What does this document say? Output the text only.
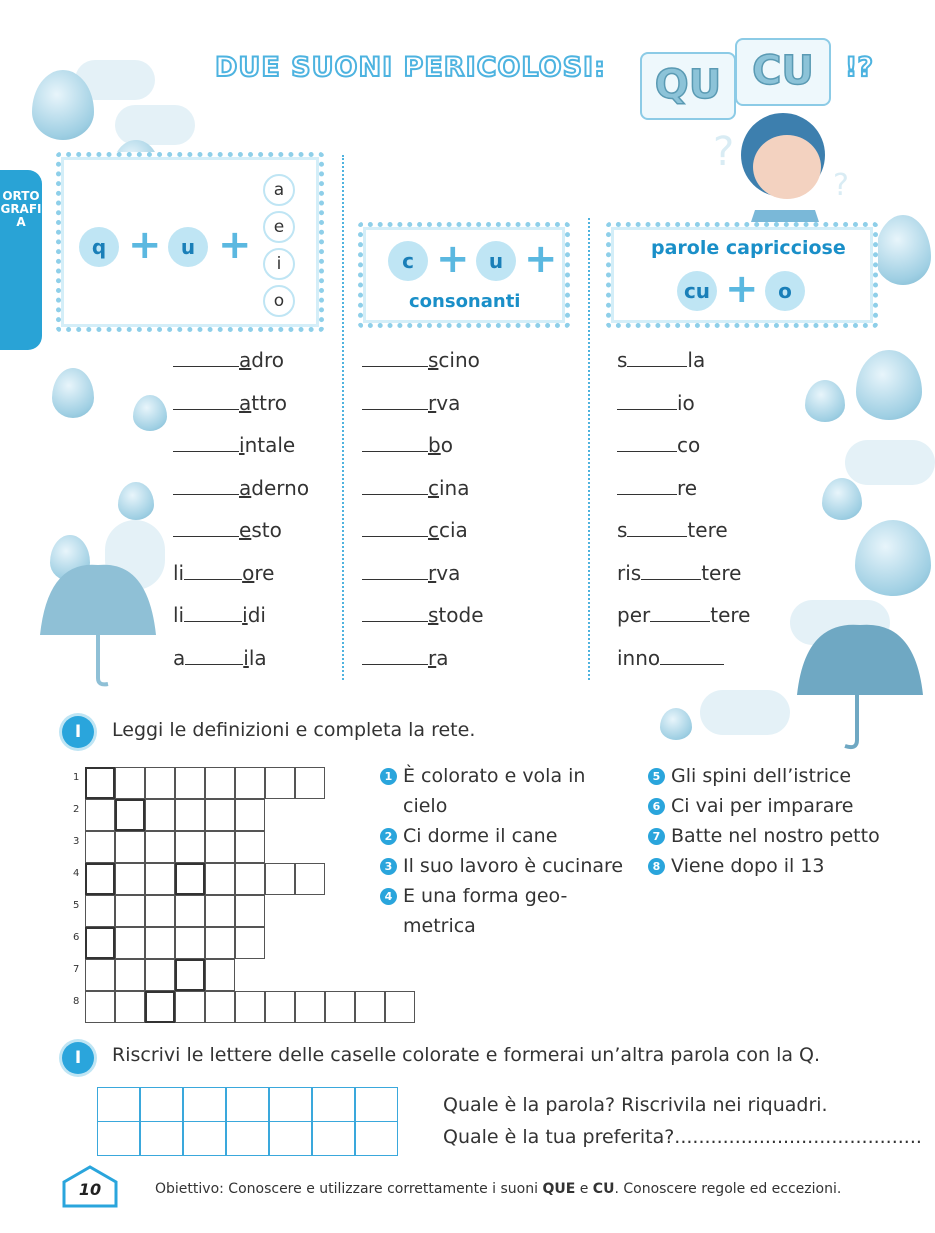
?
?
DUE SUONI PERICOLOSI:	QU CU	!?
ORTOGRAFIA
q + u +
a
e
i
o
c + u +
consonanti
parole capricciose
cu + o
adro
attro
intale
aderno
esto
li	ore
li	idi
a	ila
scino
rva
bo
cina
ccia
rva
stode
ra
s	la
io
co
re
s	tere
ris	tere
per	tere
inno
I	Leggi le definizioni e completa la rete.
1
2
3
4
5
6
7
8
1 È colorato e vola in
cielo
2 Ci dorme il cane
3 Il suo lavoro è cucinare
4 E una forma geo-
metrica
5 Gli spini dell’istrice
6 Ci vai per imparare
7 Batte nel nostro petto
8 Viene dopo il 13
I	Riscrivi le lettere delle caselle colorate e formerai un’altra parola con la Q.
Quale è la parola? Riscrivila nei riquadri.
Quale è la tua preferita?.........................................
10	Obiettivo: Conoscere e utilizzare correttamente i suoni QUE e CU. Conoscere regole ed eccezioni.
